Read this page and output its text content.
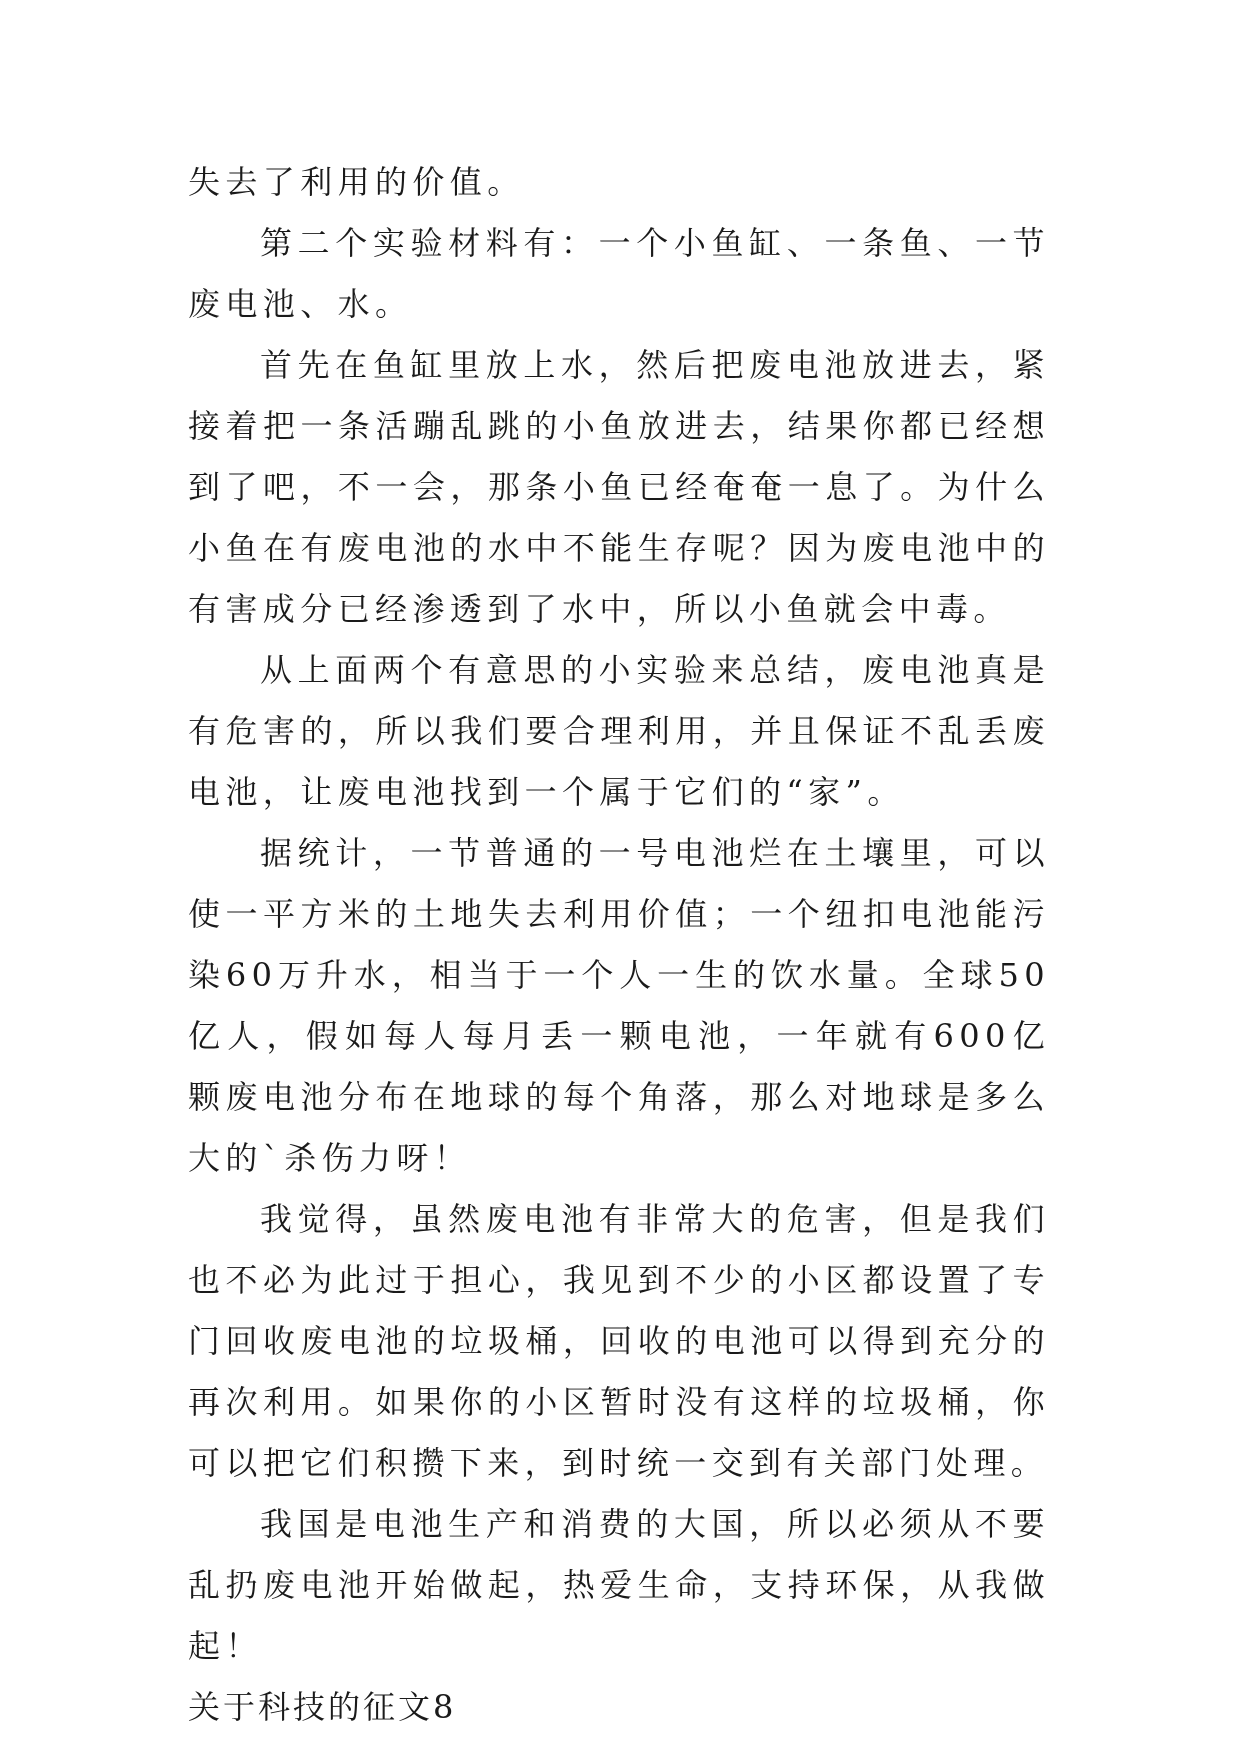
失去了利用的价值。

第二个实验材料有：一个小鱼缸、一条鱼、一节废电池、水。

首先在鱼缸里放上水，然后把废电池放进去，紧接着把一条活蹦乱跳的小鱼放进去，结果你都已经想到了吧，不一会，那条小鱼已经奄奄一息了。为什么小鱼在有废电池的水中不能生存呢？因为废电池中的有害成分已经渗透到了水中，所以小鱼就会中毒。

从上面两个有意思的小实验来总结，废电池真是有危害的，所以我们要合理利用，并且保证不乱丢废电池，让废电池找到一个属于它们的“家”。

据统计，一节普通的一号电池烂在土壤里，可以使一平方米的土地失去利用价值；一个纽扣电池能污染60万升水，相当于一个人一生的饮水量。全球50亿人，假如每人每月丢一颗电池，一年就有600亿颗废电池分布在地球的每个角落，那么对地球是多么大的`杀伤力呀！

我觉得，虽然废电池有非常大的危害，但是我们也不必为此过于担心，我见到不少的小区都设置了专门回收废电池的垃圾桶，回收的电池可以得到充分的再次利用。如果你的小区暂时没有这样的垃圾桶，你可以把它们积攒下来，到时统一交到有关部门处理。

我国是电池生产和消费的大国，所以必须从不要乱扔废电池开始做起，热爱生命，支持环保，从我做起！

关于科技的征文8
